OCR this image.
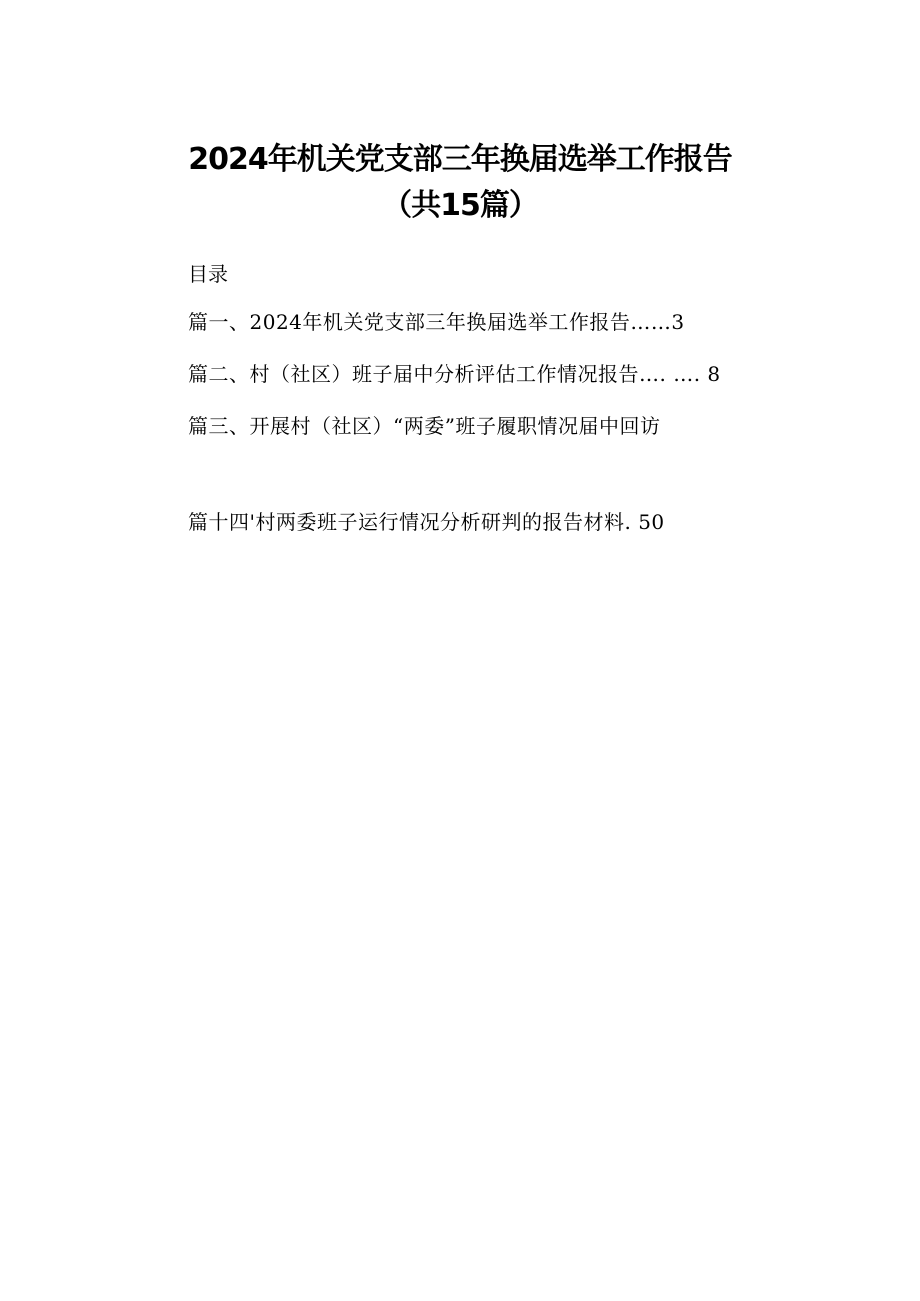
2024年机关党支部三年换届选举工作报告
（共15篇）
目录
篇一、2024年机关党支部三年换届选举工作报告……3
篇二、村（社区）班子届中分析评估工作情况报告…. …. 8
篇三、开展村（社区）“两委”班子履职情况届中回访
篇十四'村两委班子运行情况分析研判的报告材料. 50
